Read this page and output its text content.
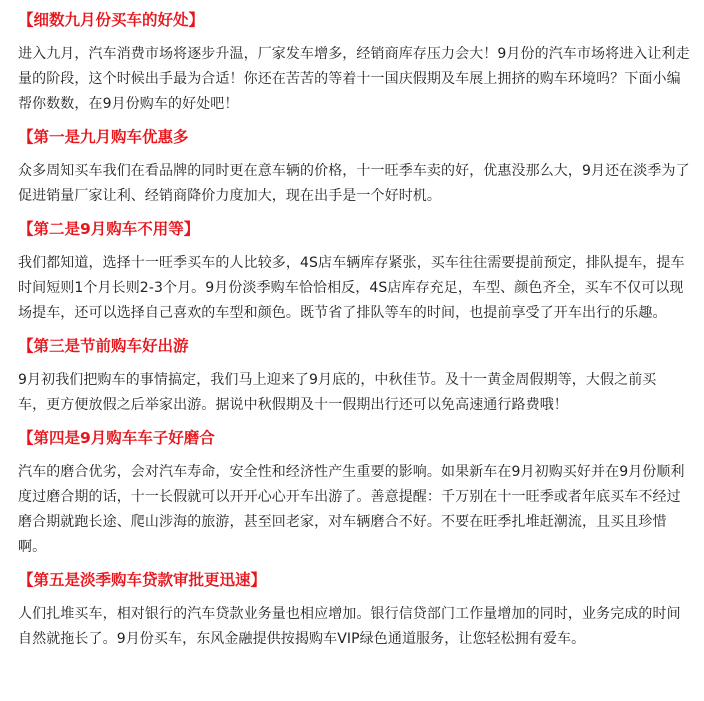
【细数九月份买车的好处】
进入九月，汽车消费市场将逐步升温，厂家发车增多，经销商库存压力会大！9月份的汽车市场将进入让利走
量的阶段，这个时候出手最为合适！你还在苦苦的等着十一国庆假期及车展上拥挤的购车环境吗？下面小编
帮你数数，在9月份购车的好处吧！
【第一是九月购车优惠多
众多周知买车我们在看品牌的同时更在意车辆的价格，十一旺季车卖的好，优惠没那么大，9月还在淡季为了
促进销量厂家让利、经销商降价力度加大，现在出手是一个好时机。
【第二是9月购车不用等】
我们都知道，选择十一旺季买车的人比较多，4S店车辆库存紧张，买车往往需要提前预定，排队提车，提车
时间短则1个月长则2-3个月。9月份淡季购车恰恰相反，4S店库存充足，车型、颜色齐全，买车不仅可以现
场提车，还可以选择自己喜欢的车型和颜色。既节省了排队等车的时间，也提前享受了开车出行的乐趣。
【第三是节前购车好出游
9月初我们把购车的事情搞定，我们马上迎来了9月底的，中秋佳节。及十一黄金周假期等，大假之前买
车，更方便放假之后举家出游。据说中秋假期及十一假期出行还可以免高速通行路费哦！
【第四是9月购车车子好磨合
汽车的磨合优劣，会对汽车寿命，安全性和经济性产生重要的影响。如果新车在9月初购买好并在9月份顺利
度过磨合期的话，十一长假就可以开开心心开车出游了。善意提醒：千万别在十一旺季或者年底买车不经过
磨合期就跑长途、爬山涉海的旅游，甚至回老家，对车辆磨合不好。不要在旺季扎堆赶潮流，且买且珍惜
啊。
【第五是淡季购车贷款审批更迅速】
人们扎堆买车，相对银行的汽车贷款业务量也相应增加。银行信贷部门工作量增加的同时，业务完成的时间
自然就拖长了。9月份买车，东风金融提供按揭购车VIP绿色通道服务，让您轻松拥有爱车。
